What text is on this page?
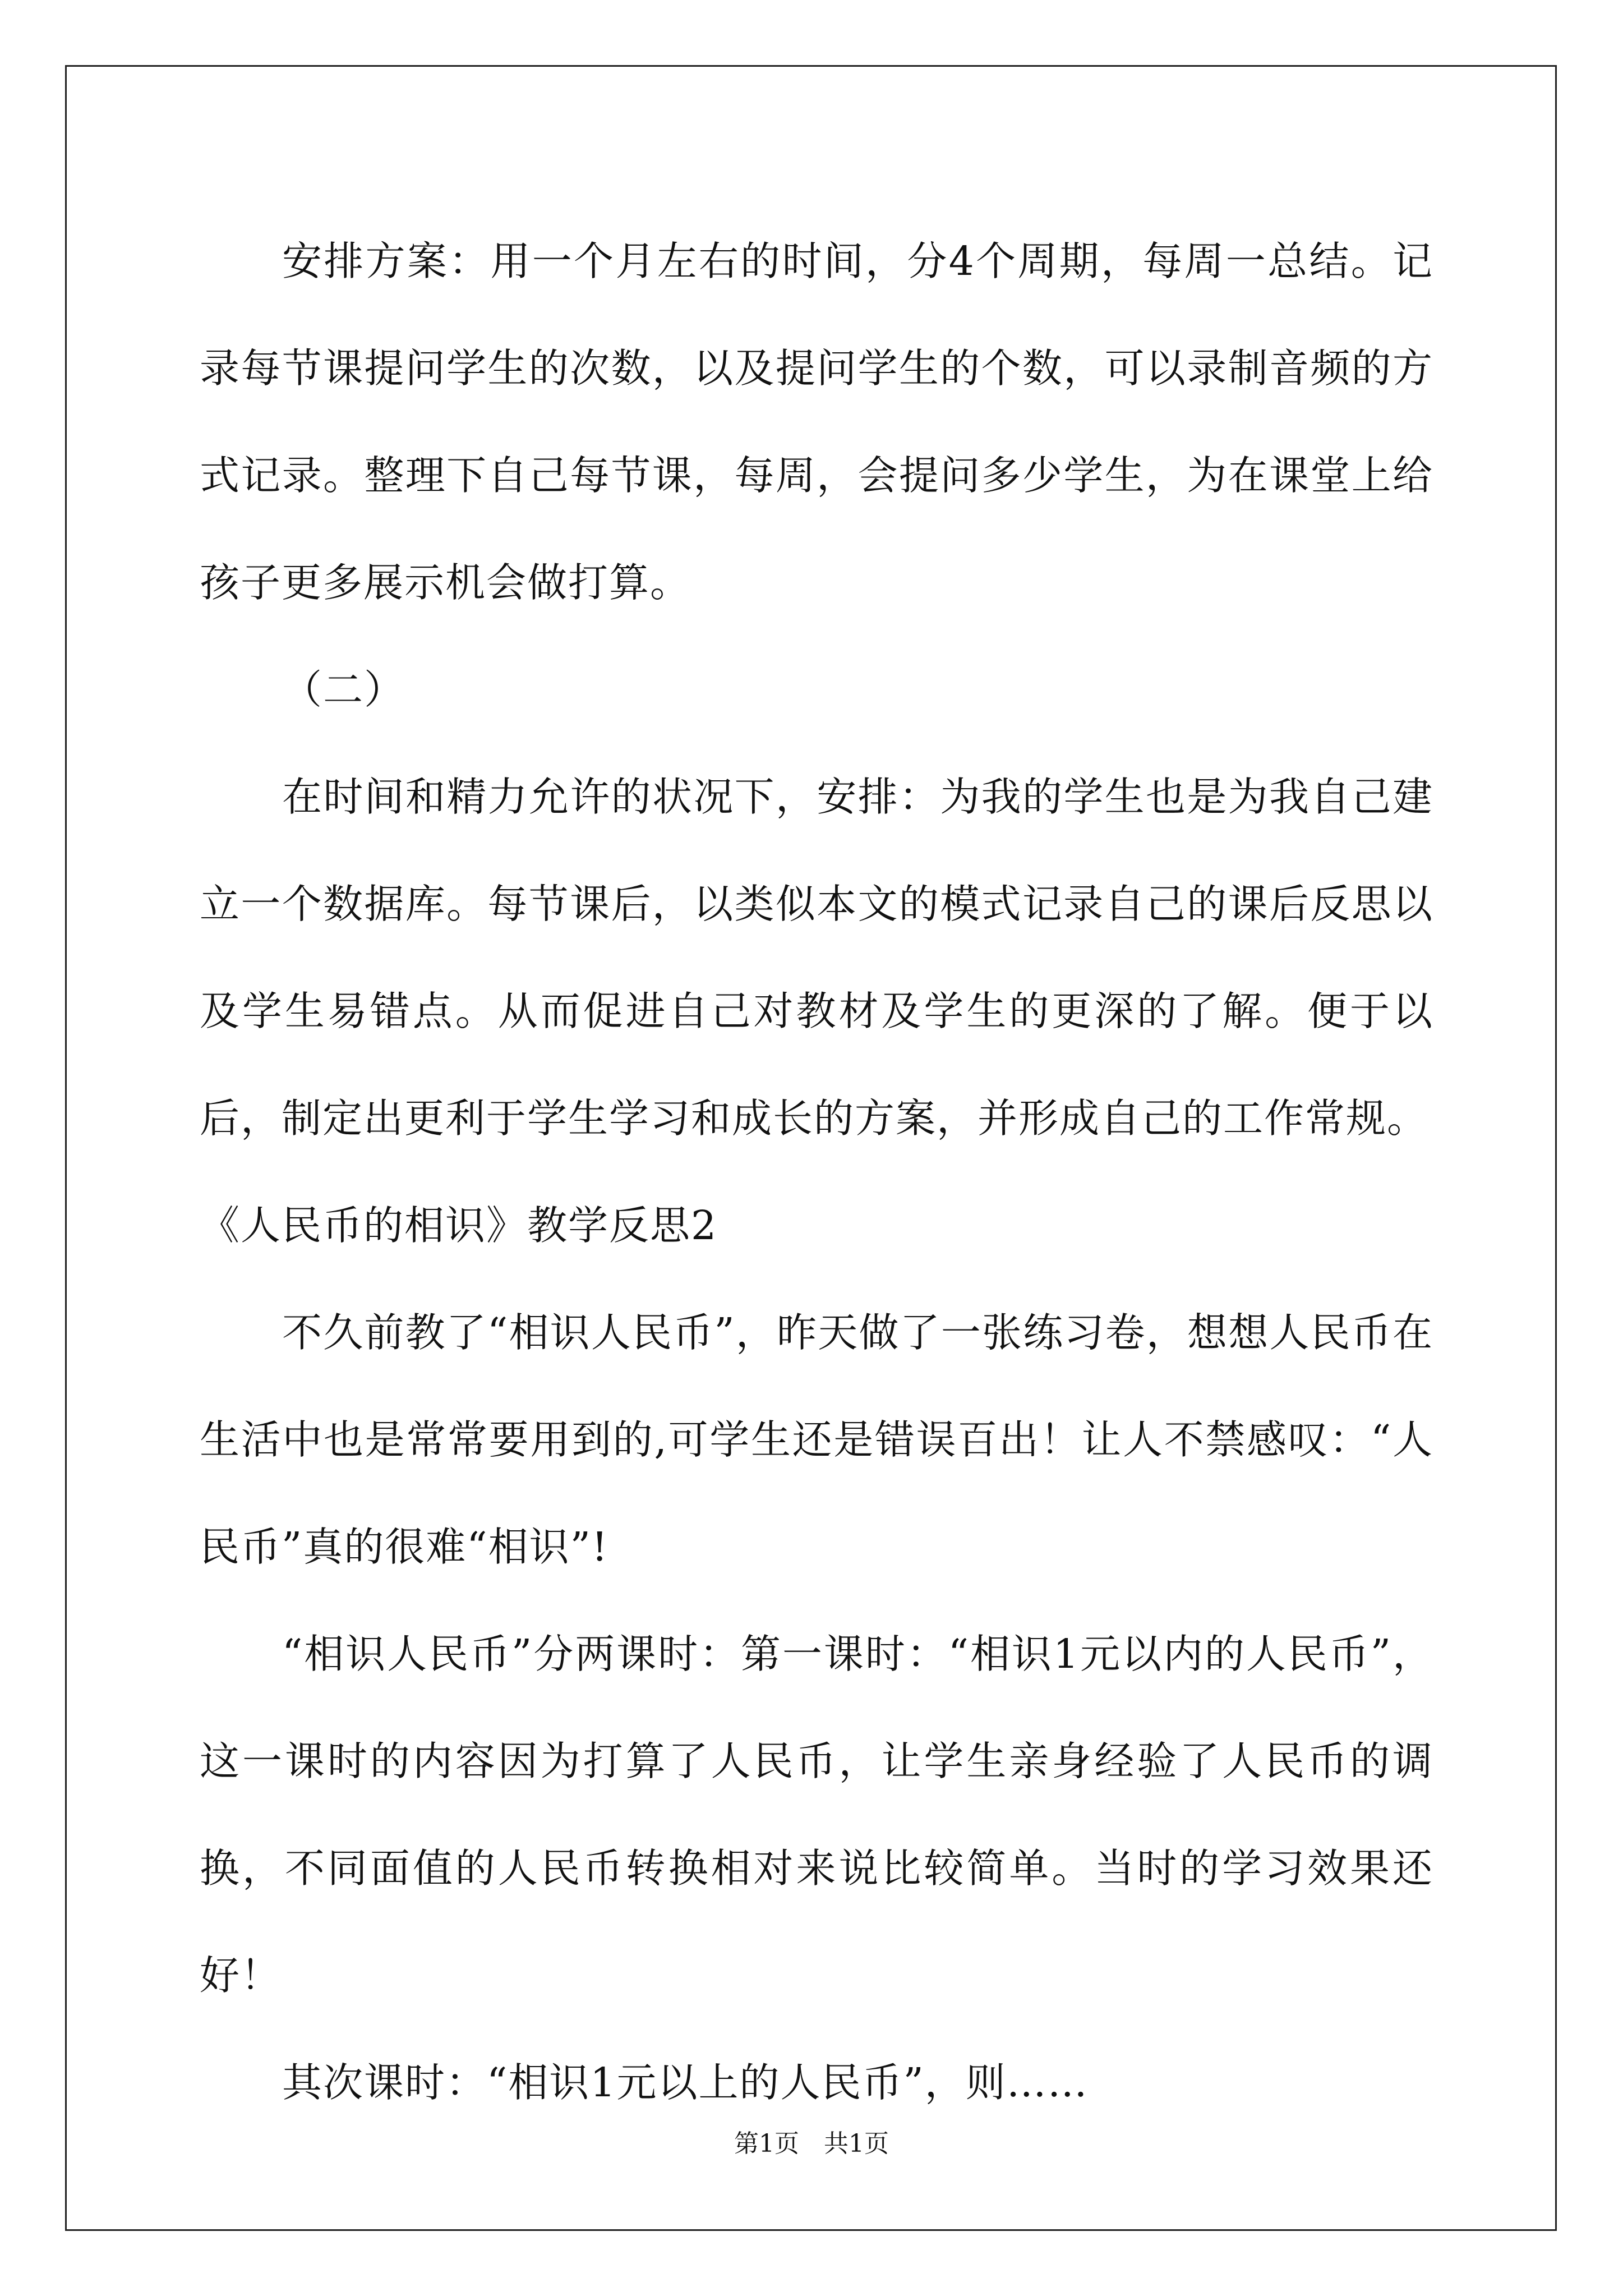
安排方案：用一个月左右的时间，分4个周期，每周一总结。记录每节课提问学生的次数，以及提问学生的个数，可以录制音频的方式记录。整理下自己每节课，每周，会提问多少学生，为在课堂上给孩子更多展示机会做打算。

（二）

在时间和精力允许的状况下，安排：为我的学生也是为我自己建立一个数据库。每节课后，以类似本文的模式记录自己的课后反思以及学生易错点。从而促进自己对教材及学生的更深的了解。便于以后，制定出更利于学生学习和成长的方案，并形成自己的工作常规。

《人民币的相识》教学反思2

不久前教了“相识人民币”，昨天做了一张练习卷，想想人民币在生活中也是常常要用到的,可学生还是错误百出！让人不禁感叹：“人民币”真的很难“相识”!

“相识人民币”分两课时：第一课时：“相识1元以内的人民币”，这一课时的内容因为打算了人民币，让学生亲身经验了人民币的调换，不同面值的人民币转换相对来说比较简单。当时的学习效果还好！

其次课时：“相识1元以上的人民币”，则……

第1页　共1页
